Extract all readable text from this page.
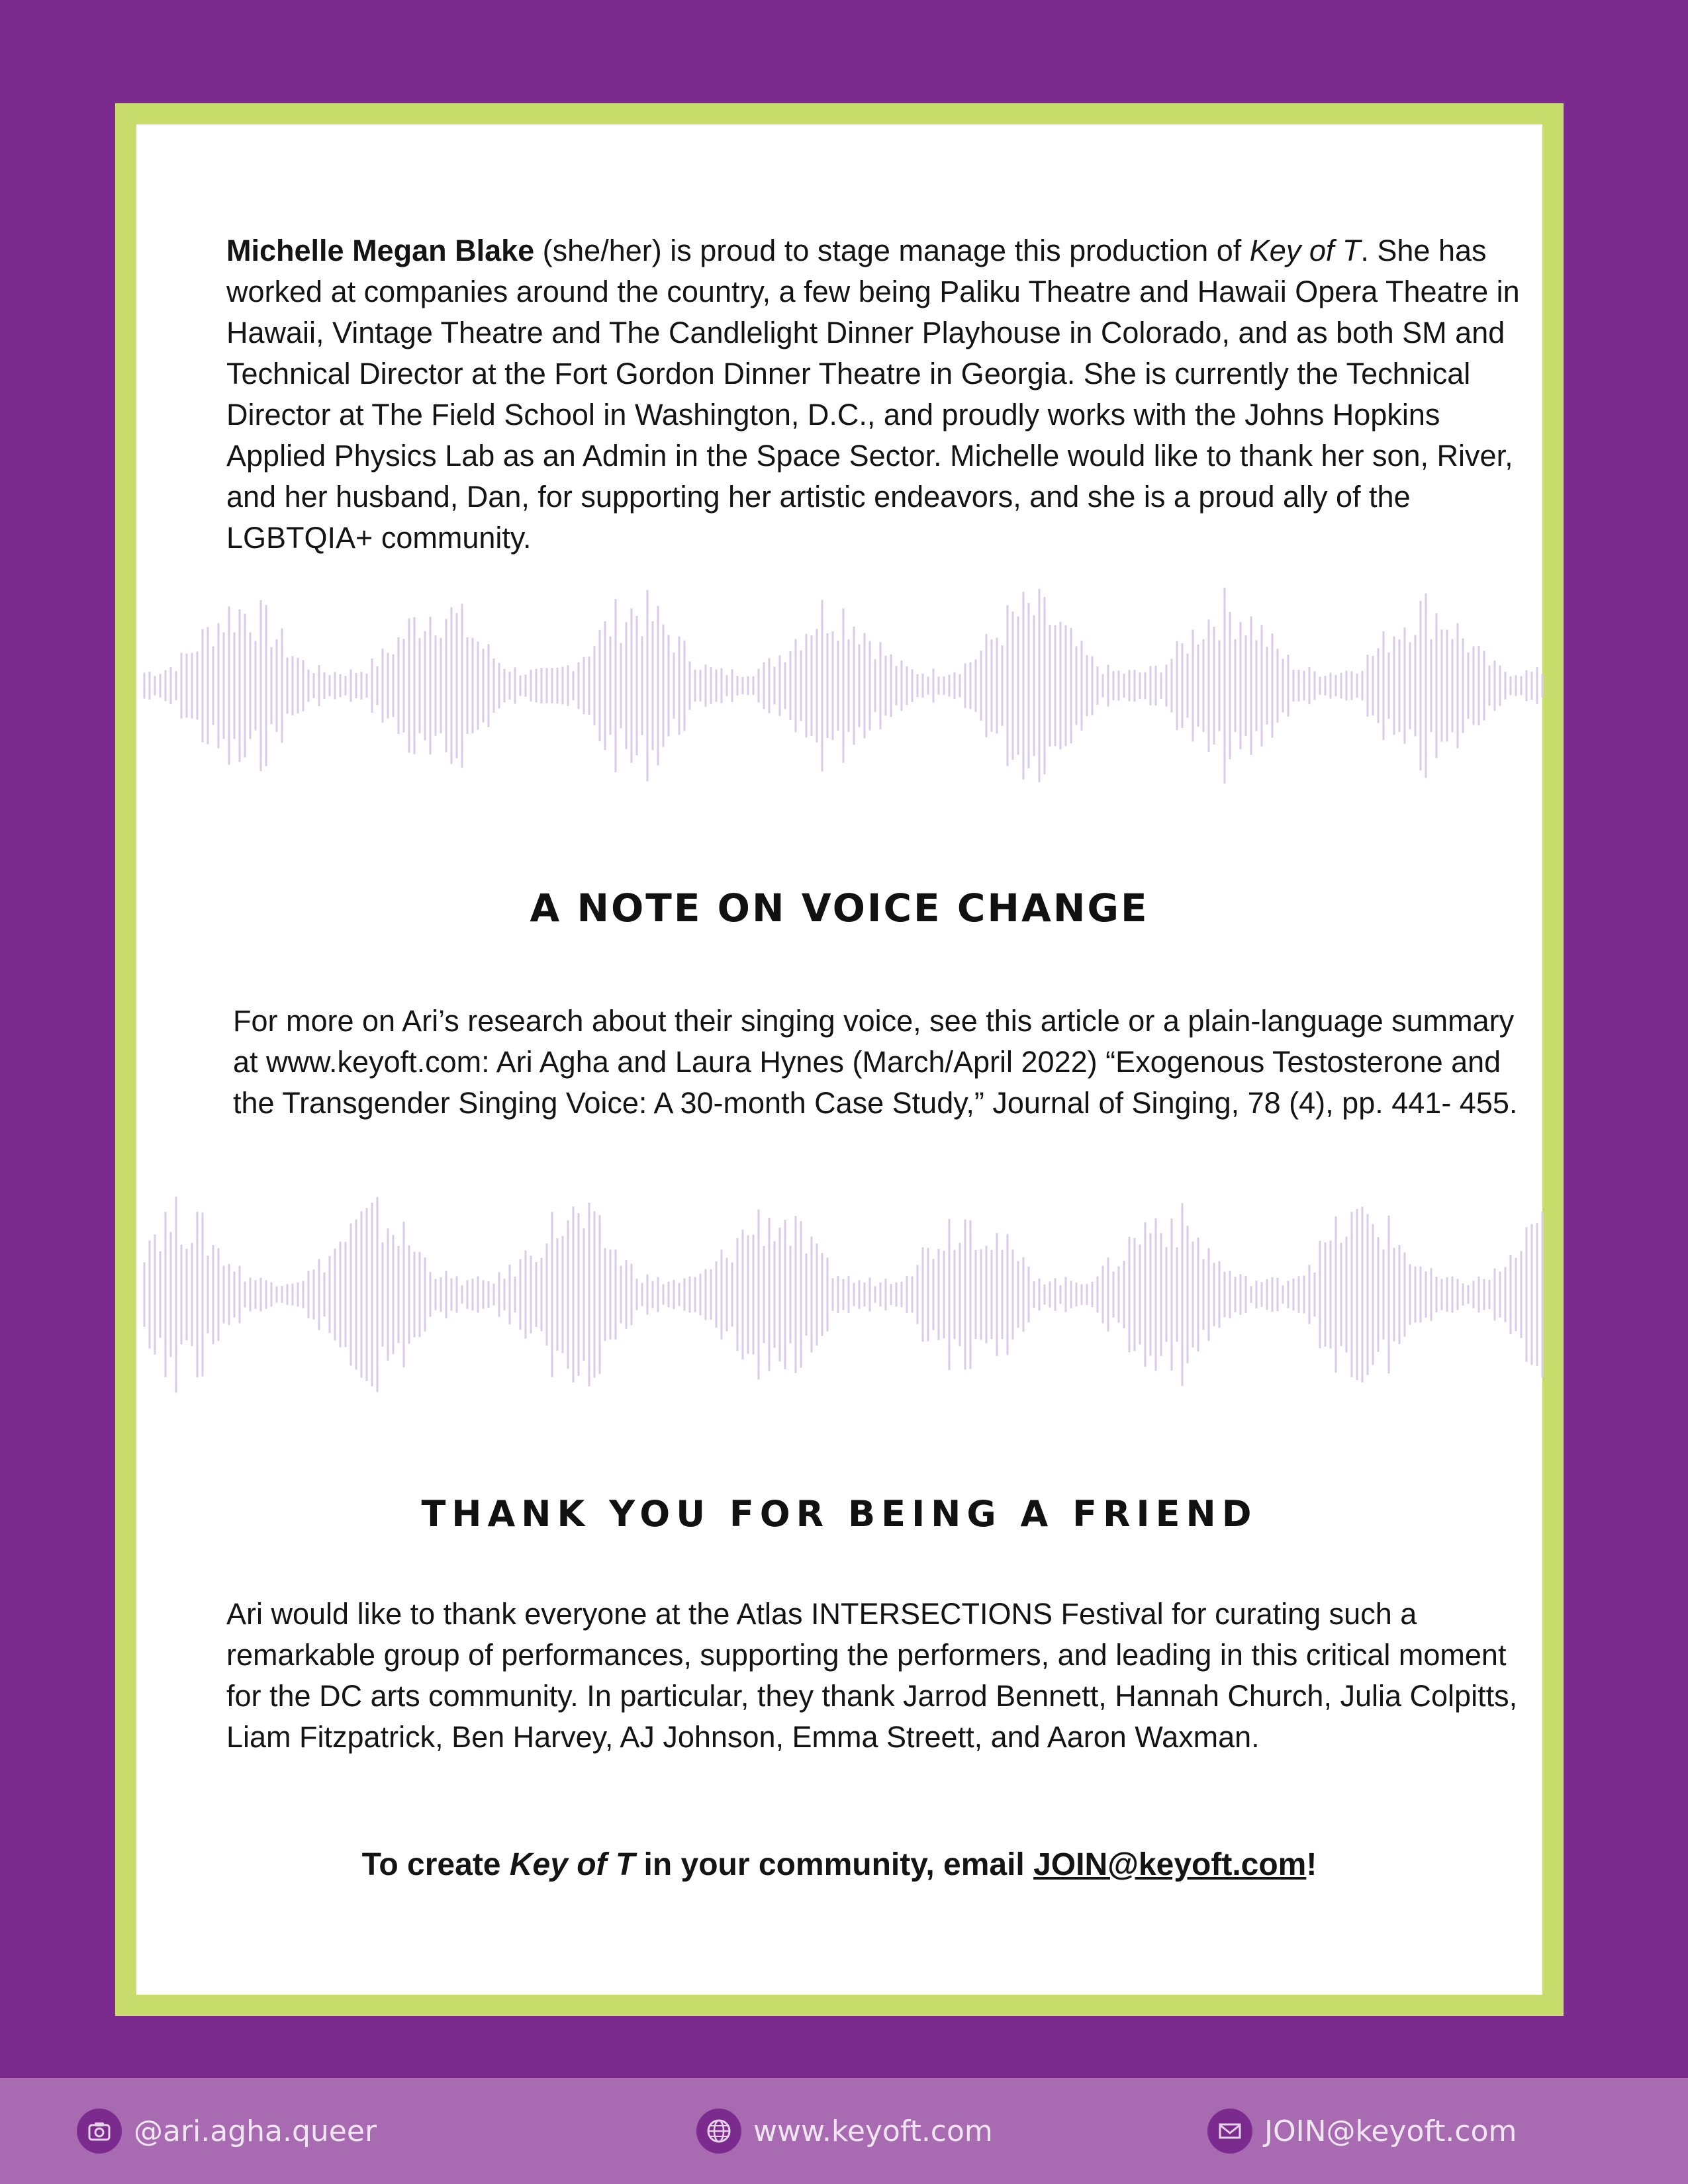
Michelle Megan Blake (she/her) is proud to stage manage this production of Key of T. She has worked at companies around the country, a few being Paliku Theatre and Hawaii Opera Theatre in Hawaii, Vintage Theatre and The Candlelight Dinner Playhouse in Colorado, and as both SM and Technical Director at the Fort Gordon Dinner Theatre in Georgia. She is currently the Technical Director at The Field School in Washington, D.C., and proudly works with the Johns Hopkins Applied Physics Lab as an Admin in the Space Sector. Michelle would like to thank her son, River, and her husband, Dan, for supporting her artistic endeavors, and she is a proud ally of the LGBTQIA+ community.

A NOTE ON VOICE CHANGE

For more on Ari’s research about their singing voice, see this article or a plain-language summary at www.keyoft.com: Ari Agha and Laura Hynes (March/April 2022) “Exogenous Testosterone and the Transgender Singing Voice: A 30-month Case Study,” Journal of Singing, 78 (4), pp. 441- 455.

THANK YOU FOR BEING A FRIEND

Ari would like to thank everyone at the Atlas INTERSECTIONS Festival for curating such a remarkable group of performances, supporting the performers, and leading in this critical moment for the DC arts community. In particular, they thank Jarrod Bennett, Hannah Church, Julia Colpitts, Liam Fitzpatrick, Ben Harvey, AJ Johnson, Emma Streett, and Aaron Waxman.

To create Key of T in your community, email JOIN@keyoft.com!

@ari.agha.queer	www.keyoft.com	JOIN@keyoft.com
